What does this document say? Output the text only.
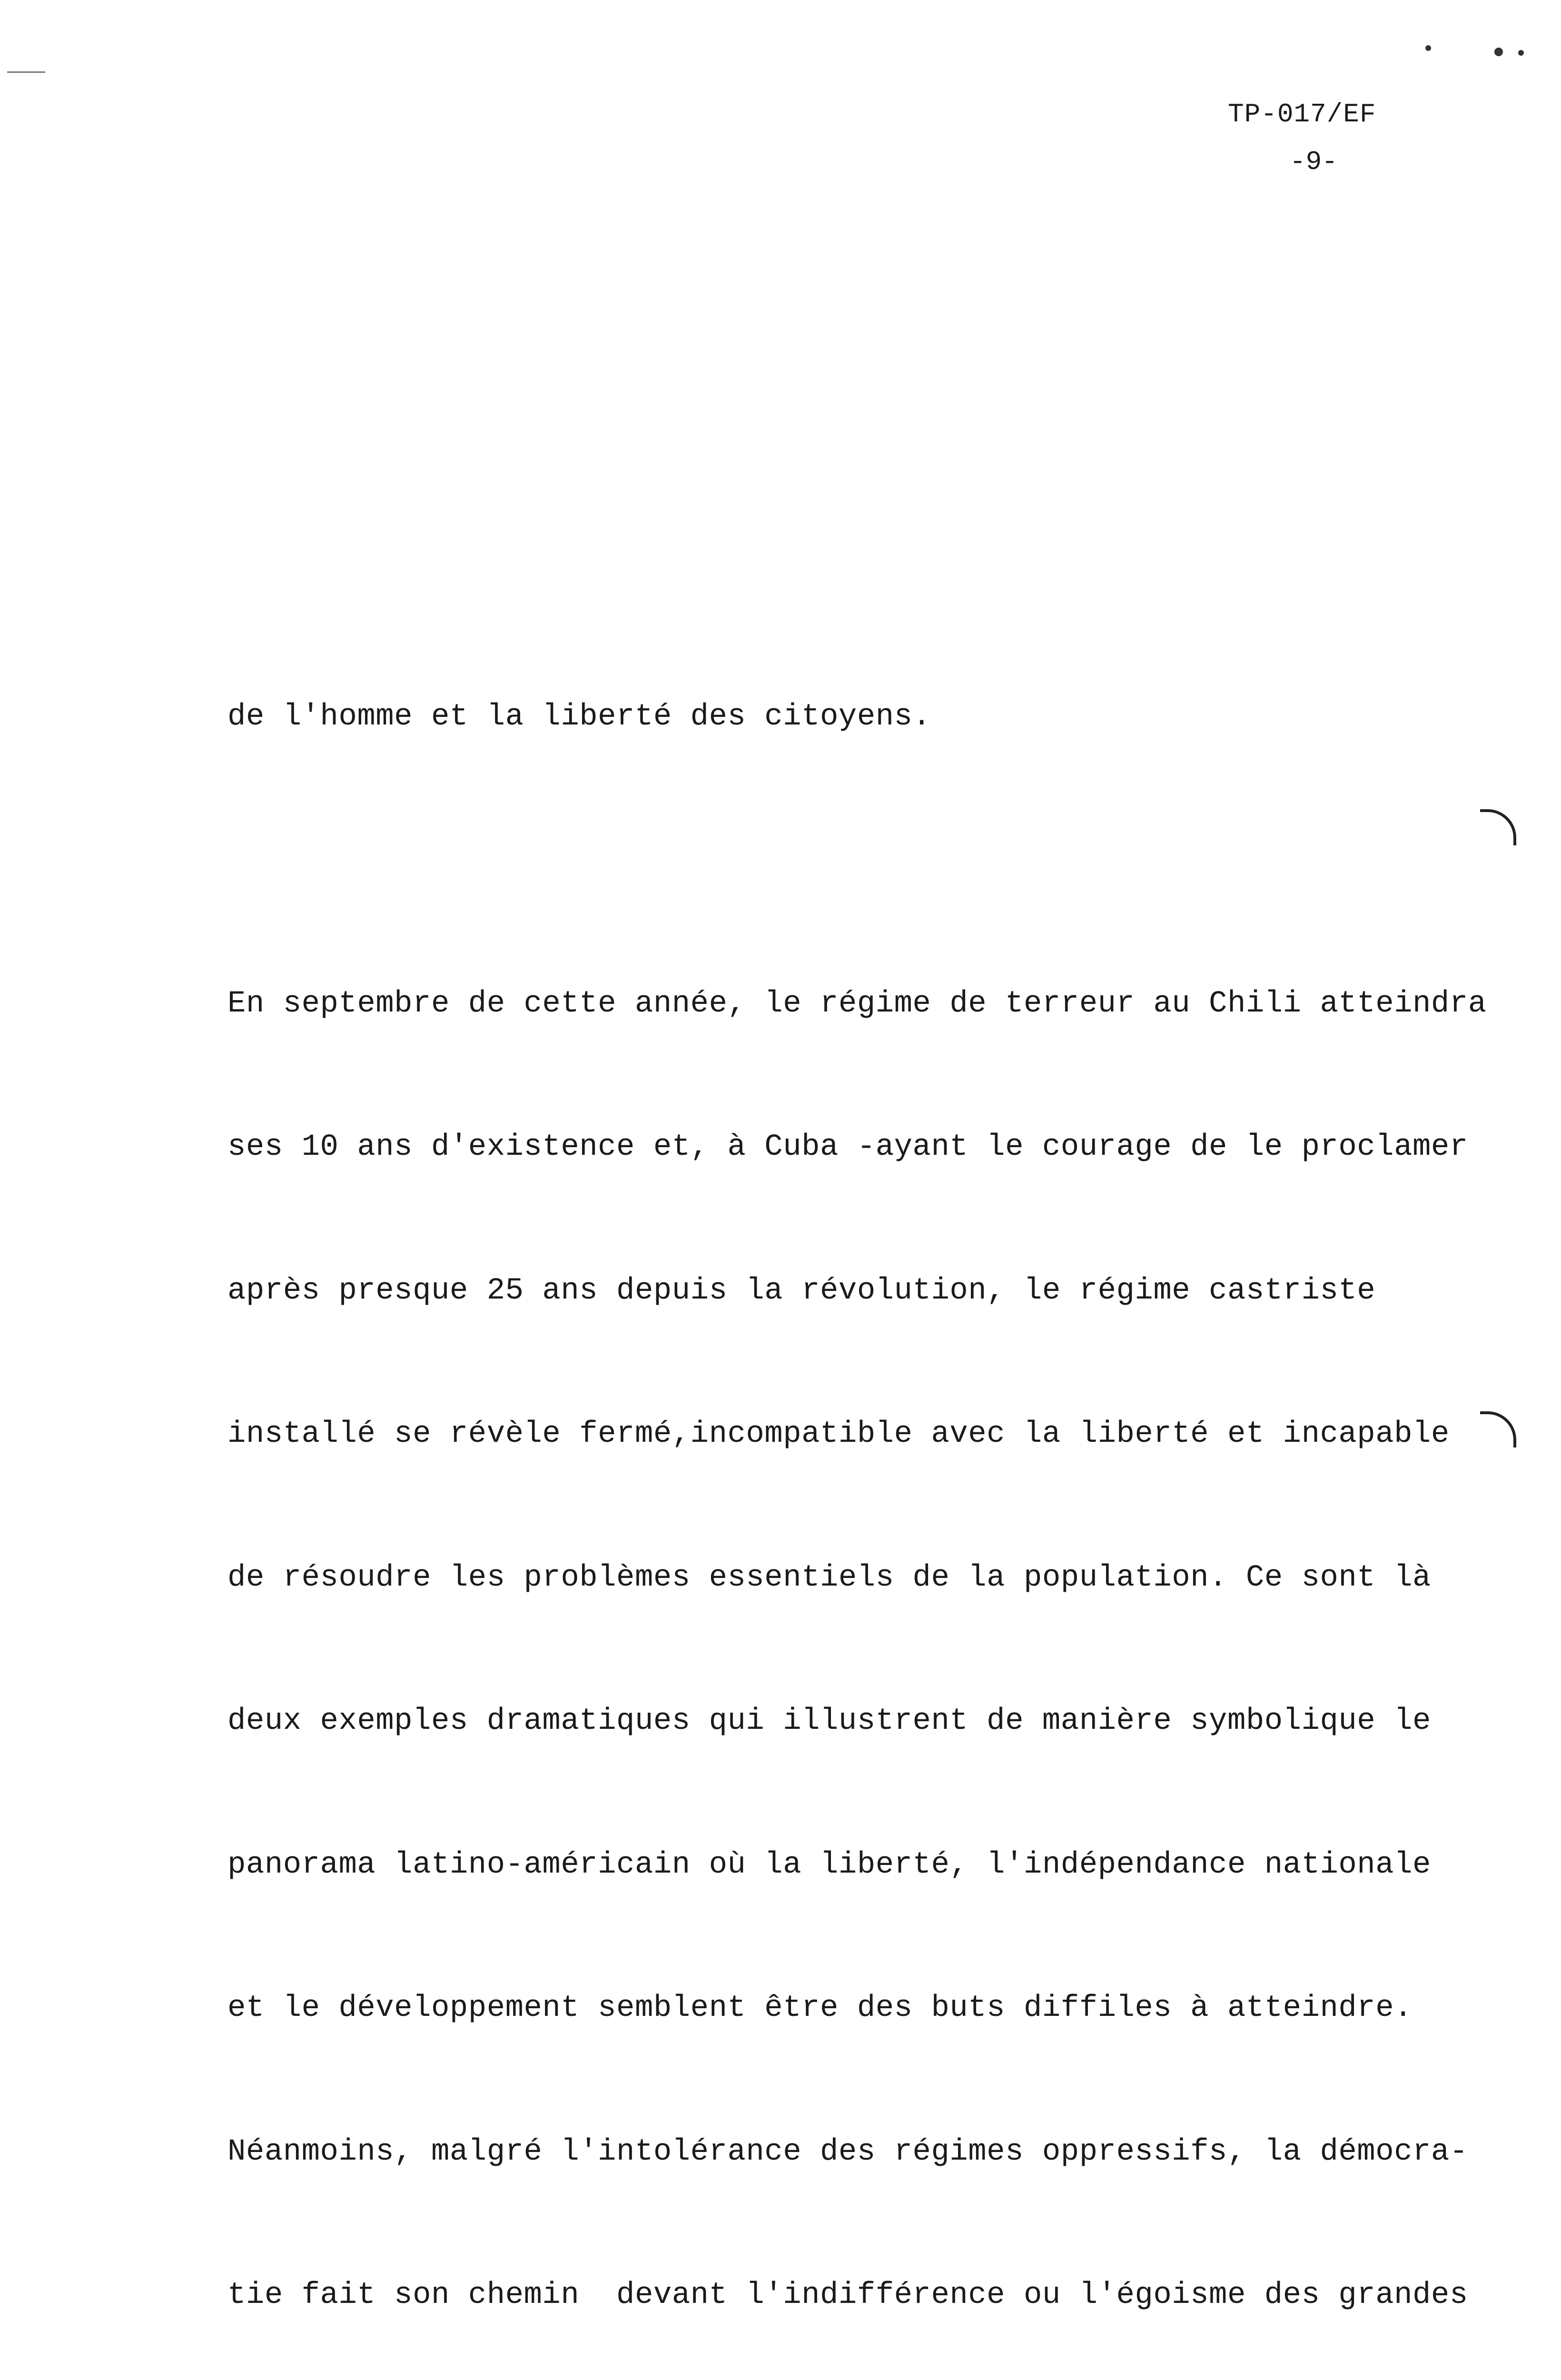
TP-017/EF
-9-

de l'homme et la liberté des citoyens.

En septembre de cette année, le régime de terreur au Chili atteindra

ses 10 ans d'existence et, à Cuba -ayant le courage de le proclamer

après presque 25 ans depuis la révolution, le régime castriste

installé se révèle fermé,incompatible avec la liberté et incapable

de résoudre les problèmes essentiels de la population. Ce sont là

deux exemples dramatiques qui illustrent de manière symbolique le

panorama latino-américain où la liberté, l'indépendance nationale

et le développement semblent être des buts diffiles à atteindre.

Néanmoins, malgré l'intolérance des régimes oppressifs, la démocra-

tie fait son chemin  devant l'indifférence ou l'égoisme des grandes
